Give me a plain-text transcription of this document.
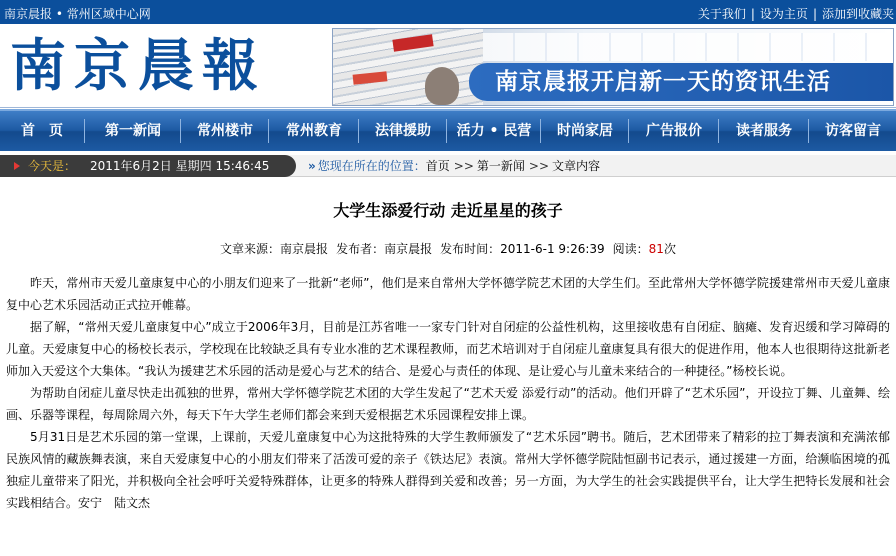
南京晨报 • 常州区域中心网	关于我们 | 设为主页 | 添加到收藏夹
南京晨報	南京晨报开启新一天的资讯生活
首　页	第一新闻	常州楼市	常州教育	法律援助	活力 • 民营	时尚家居	广告报价	读者服务	访客留言
今天是： 2011年6月2日 星期四 15:46:45	» 您现在所在的位置：首页 >> 第一新闻 >> 文章内容
大学生添爱行动 走近星星的孩子
文章来源：南京晨报 发布者：南京晨报 发布时间：2011-6-1 9:26:39 阅读：81次

昨天，常州市天爱儿童康复中心的小朋友们迎来了一批新“老师”，他们是来自常州大学怀德学院艺术团的大学生们。至此常州大学怀德学院援建常州市天爱儿童康复中心艺术乐园活动正式拉开帷幕。

据了解，“常州天爱儿童康复中心”成立于2006年3月，目前是江苏省唯一一家专门针对自闭症的公益性机构，这里接收患有自闭症、脑瘫、发育迟缓和学习障碍的儿童。天爱康复中心的杨校长表示，学校现在比较缺乏具有专业水准的艺术课程教师，而艺术培训对于自闭症儿童康复具有很大的促进作用，他本人也很期待这批新老师加入天爱这个大集体。“我认为援建艺术乐园的活动是爱心与艺术的结合、是爱心与责任的体现、是让爱心与儿童未来结合的一种捷径。”杨校长说。

为帮助自闭症儿童尽快走出孤独的世界，常州大学怀德学院艺术团的大学生发起了“艺术天爱 添爱行动”的活动。他们开辟了“艺术乐园”，开设拉丁舞、儿童舞、绘画、乐器等课程，每周除周六外，每天下午大学生老师们都会来到天爱根据艺术乐园课程安排上课。

5月31日是艺术乐园的第一堂课，上课前，天爱儿童康复中心为这批特殊的大学生教师颁发了“艺术乐园”聘书。随后，艺术团带来了精彩的拉丁舞表演和充满浓郁民族风情的藏族舞表演，来自天爱康复中心的小朋友们带来了活泼可爱的亲子《铁达尼》表演。常州大学怀德学院陆恒副书记表示，通过援建一方面，给濒临困境的孤独症儿童带来了阳光，并积极向全社会呼吁关爱特殊群体，让更多的特殊人群得到关爱和改善；另一方面，为大学生的社会实践提供平台，让大学生把特长发展和社会实践相结合。安宁　陆文杰
